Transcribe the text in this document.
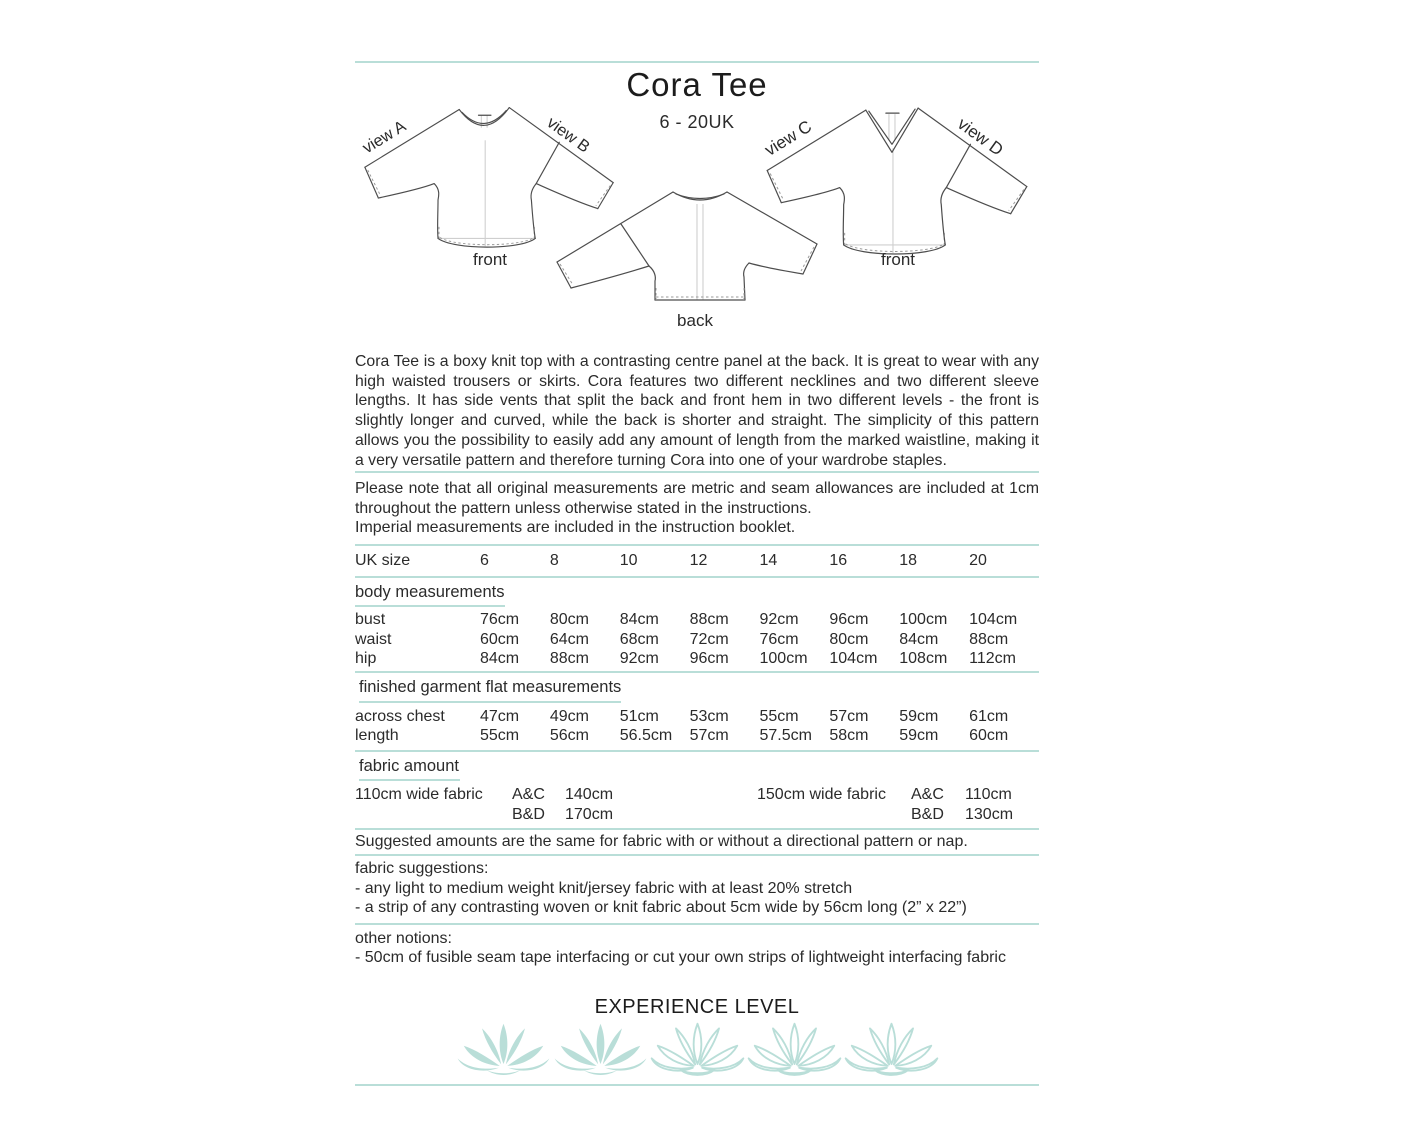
Cora Tee
6 - 20UK
view A	view B
front
back
view C	view D
front
Cora Tee is a boxy knit top with a contrasting centre panel at the back. It is great to wear with any high waisted trousers or skirts. Cora features two different necklines and two different sleeve lengths. It has side vents that split the back and front hem in two different levels - the front is slightly longer and curved, while the back is shorter and straight. The simplicity of this pattern allows you the possibility to easily add any amount of length from the marked waistline, making it a very versatile pattern and therefore turning Cora into one of your wardrobe staples.
Please note that all original measurements are metric and seam allowances are included at 1cm throughout the pattern unless otherwise stated in the instructions.
Imperial measurements are included in the instruction booklet.
UK size	6	8	10	12	14	16	18	20
body measurements
bust	76cm	80cm	84cm	88cm	92cm	96cm	100cm	104cm
waist	60cm	64cm	68cm	72cm	76cm	80cm	84cm	88cm
hip	84cm	88cm	92cm	96cm	100cm	104cm	108cm	112cm
finished garment flat measurements
across chest	47cm	49cm	51cm	53cm	55cm	57cm	59cm	61cm
length	55cm	56cm	56.5cm	57cm	57.5cm	58cm	59cm	60cm
fabric amount
110cm wide fabric A&C 140cm
B&D 170cm
150cm wide fabric A&C 110cm
B&D 130cm
Suggested amounts are the same for fabric with or without a directional pattern or nap.
fabric suggestions:
- any light to medium weight knit/jersey fabric with at least 20% stretch
- a strip of any contrasting woven or knit fabric about 5cm wide by 56cm long (2” x 22”)
other notions:
- 50cm of fusible seam tape interfacing or cut your own strips of lightweight interfacing fabric
EXPERIENCE LEVEL
